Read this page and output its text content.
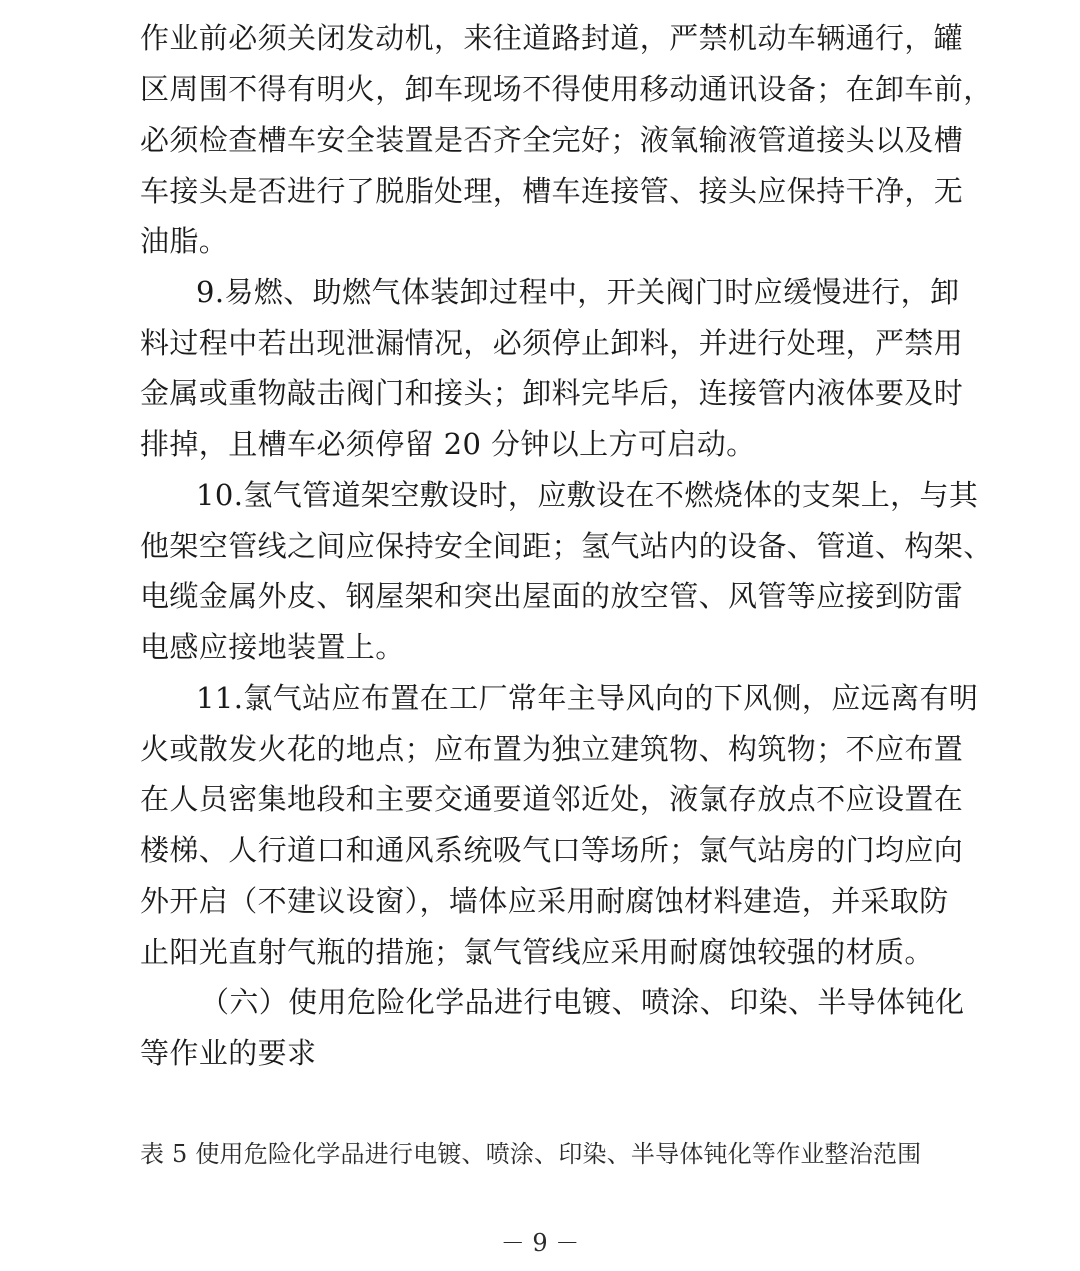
作业前必须关闭发动机，来往道路封道，严禁机动车辆通行，罐
区周围不得有明火，卸车现场不得使用移动通讯设备；在卸车前，
必须检查槽车安全装置是否齐全完好；液氧输液管道接头以及槽
车接头是否进行了脱脂处理，槽车连接管、接头应保持干净，无
油脂。
9.易燃、助燃气体装卸过程中，开关阀门时应缓慢进行，卸
料过程中若出现泄漏情况，必须停止卸料，并进行处理，严禁用
金属或重物敲击阀门和接头；卸料完毕后，连接管内液体要及时
排掉，且槽车必须停留 20 分钟以上方可启动。
10.氢气管道架空敷设时，应敷设在不燃烧体的支架上，与其
他架空管线之间应保持安全间距；氢气站内的设备、管道、构架、
电缆金属外皮、钢屋架和突出屋面的放空管、风管等应接到防雷
电感应接地装置上。
11.氯气站应布置在工厂常年主导风向的下风侧，应远离有明
火或散发火花的地点；应布置为独立建筑物、构筑物；不应布置
在人员密集地段和主要交通要道邻近处，液氯存放点不应设置在
楼梯、人行道口和通风系统吸气口等场所；氯气站房的门均应向
外开启（不建议设窗），墙体应采用耐腐蚀材料建造，并采取防
止阳光直射气瓶的措施；氯气管线应采用耐腐蚀较强的材质。
（六）使用危险化学品进行电镀、喷涂、印染、半导体钝化
等作业的要求
表 5 使用危险化学品进行电镀、喷涂、印染、半导体钝化等作业整治范围
－ 9 －
